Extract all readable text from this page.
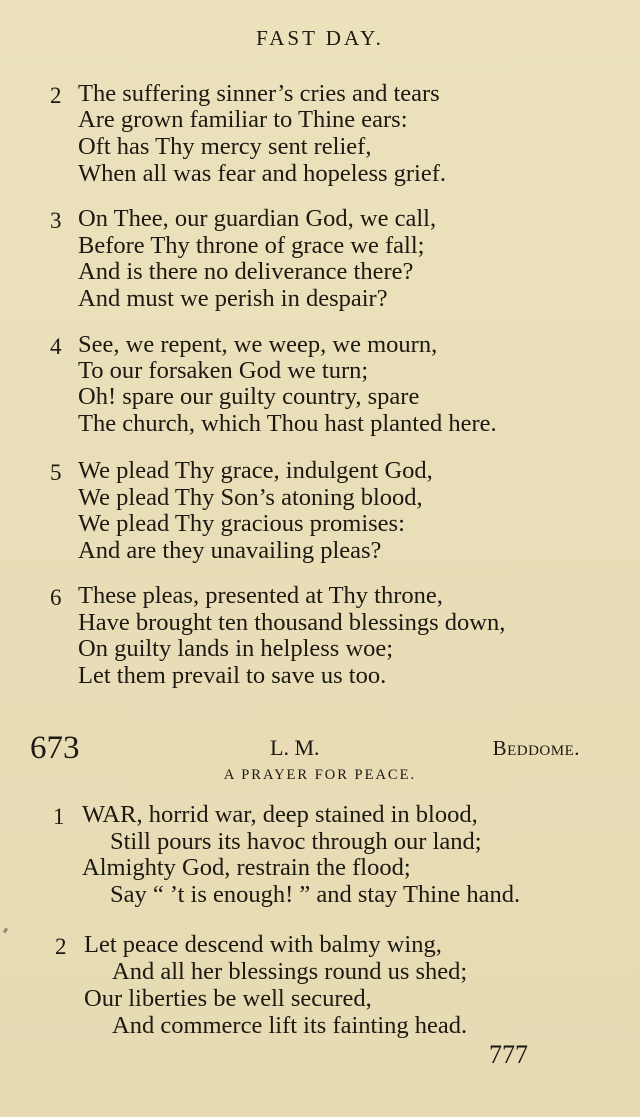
FAST DAY.
2 The suffering sinner’s cries and tears
Are grown familiar to Thine ears:
Oft has Thy mercy sent relief,
When all was fear and hopeless grief.
3 On Thee, our guardian God, we call,
Before Thy throne of grace we fall;
And is there no deliverance there?
And must we perish in despair?
4 See, we repent, we weep, we mourn,
To our forsaken God we turn;
Oh! spare our guilty country, spare
The church, which Thou hast planted here.
5 We plead Thy grace, indulgent God,
We plead Thy Son’s atoning blood,
We plead Thy gracious promises:
And are they unavailing pleas?
6 These pleas, presented at Thy throne,
Have brought ten thousand blessings down,
On guilty lands in helpless woe;
Let them prevail to save us too.
673	L. M.	Beddome.
A PRAYER FOR PEACE.
1 WAR, horrid war, deep stained in blood,
Still pours its havoc through our land;
Almighty God, restrain the flood;
Say “ ’t is enough! ” and stay Thine hand.
2 Let peace descend with balmy wing,
And all her blessings round us shed;
Our liberties be well secured,
And commerce lift its fainting head.
777
